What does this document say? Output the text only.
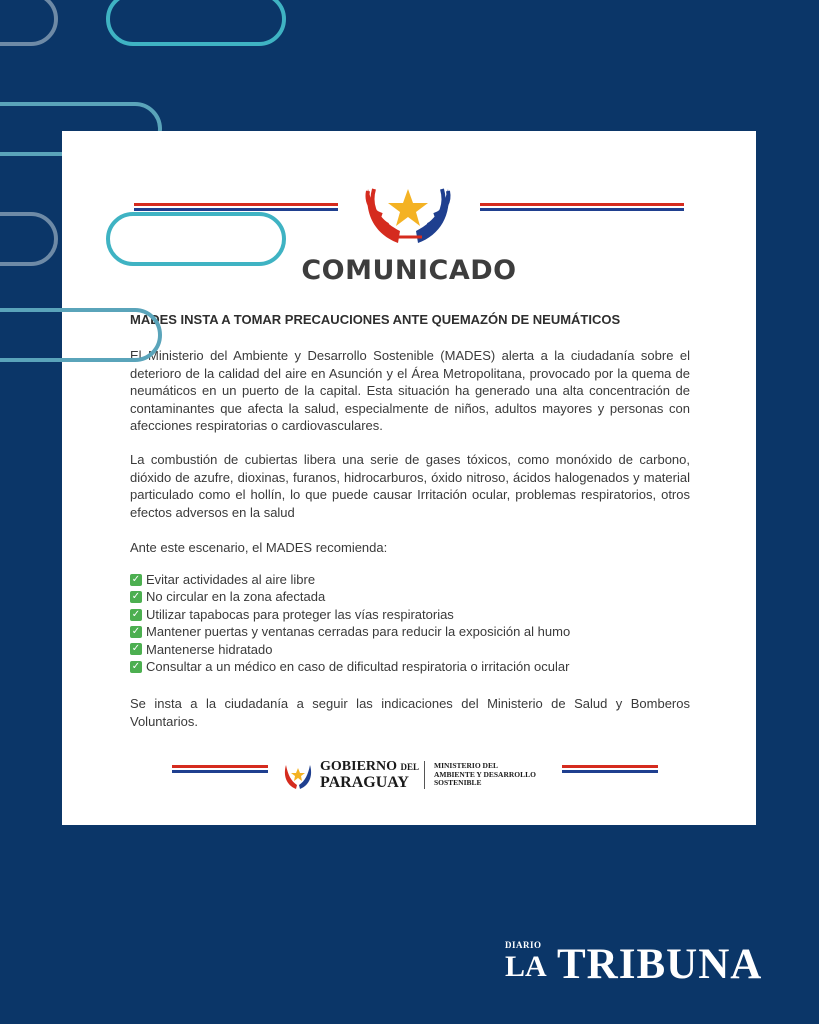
COMUNICADO
MADES INSTA A TOMAR PRECAUCIONES ANTE QUEMAZÓN DE NEUMÁTICOS
El Ministerio del Ambiente y Desarrollo Sostenible (MADES) alerta a la ciudadanía sobre el deterioro de la calidad del aire en Asunción y el Área Metropolitana, provocado por la quema de neumáticos en un puerto de la capital. Esta situación ha generado una alta concentración de contaminantes que afecta la salud, especialmente de niños, adultos mayores y personas con afecciones respiratorias o cardiovasculares.
La combustión de cubiertas libera una serie de gases tóxicos, como monóxido de carbono, dióxido de azufre, dioxinas, furanos, hidrocarburos, óxido nitroso, ácidos halogenados y material particulado como el hollín, lo que puede causar Irritación ocular, problemas respiratorios, otros efectos adversos en la salud
Ante este escenario, el MADES recomienda:
✓ Evitar actividades al aire libre
✓ No circular en la zona afectada
✓ Utilizar tapabocas para proteger las vías respiratorias
✓ Mantener puertas y ventanas cerradas para reducir la exposición al humo
✓ Mantenerse hidratado
✓ Consultar a un médico en caso de dificultad respiratoria o irritación ocular
Se insta a la ciudadanía a seguir las indicaciones del Ministerio de Salud y Bomberos Voluntarios.
GOBIERNO DEL
PARAGUAY
MINISTERIO DEL
AMBIENTE Y DESARROLLO
SOSTENIBLE
DIARIO
LA TRIBUNA
